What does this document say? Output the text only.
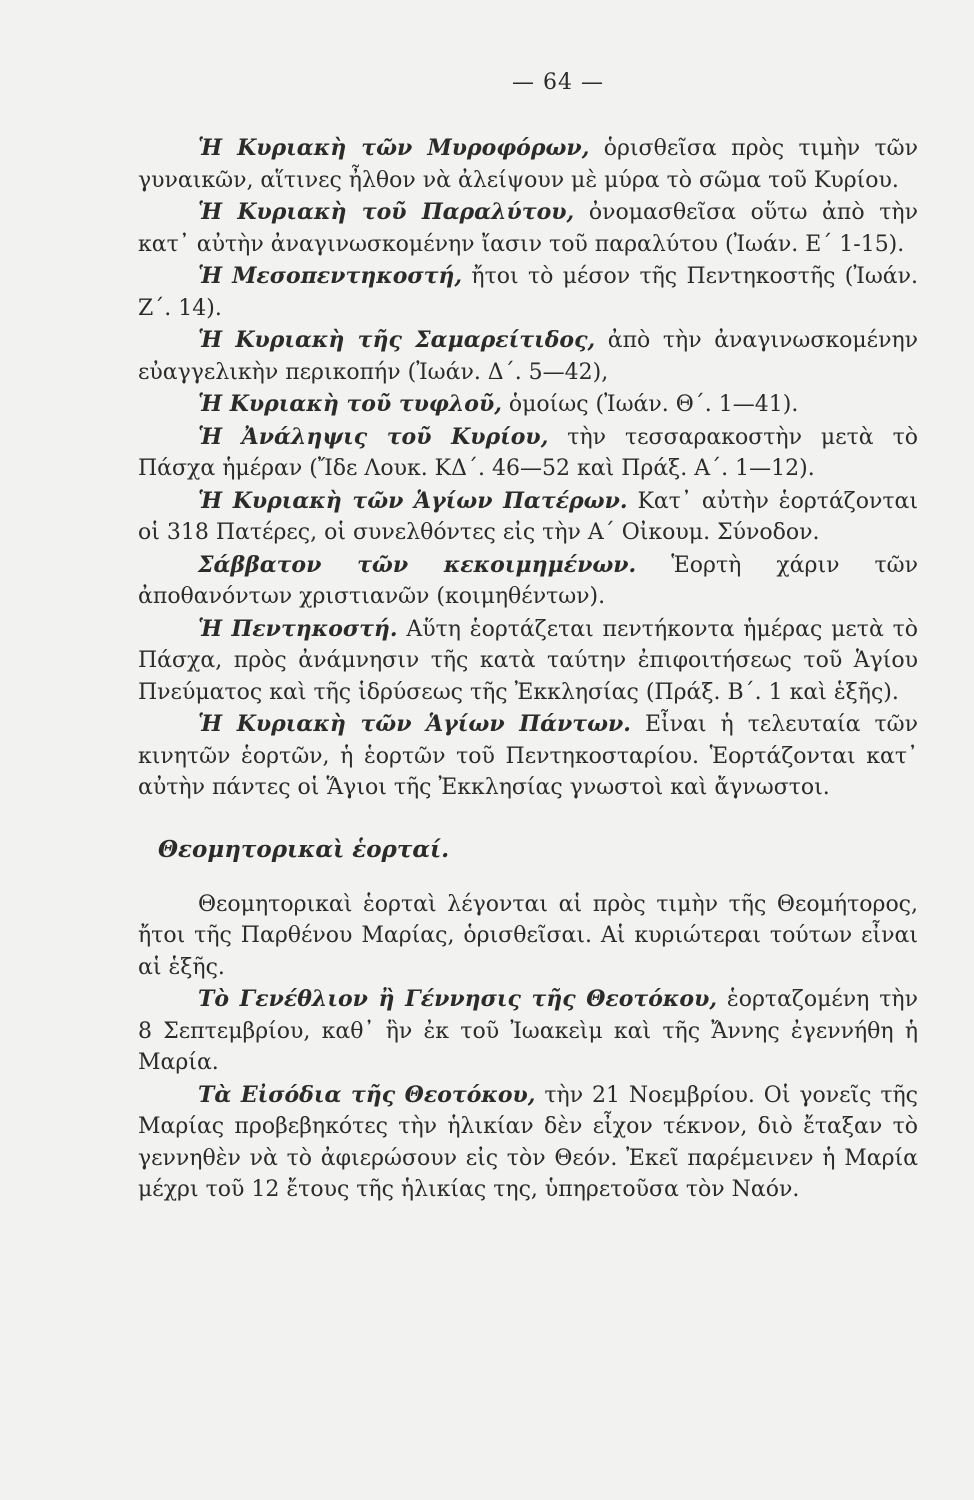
— 64 —

Ἡ Κυριακὴ τῶν Μυροφόρων, ὁρισθεῖσα πρὸς τιμὴν τῶν γυναικῶν, αἵτινες ἦλθον νὰ ἀλείψουν μὲ μύρα τὸ σῶμα τοῦ Κυρίου.

Ἡ Κυριακὴ τοῦ Παραλύτου, ὀνομασθεῖσα οὕτω ἀπὸ τὴν κατ᾽ αὐτὴν ἀναγινωσκομένην ἴασιν τοῦ παραλύτου (Ἰωάν. Ε΄ 1-15).

Ἡ Μεσοπεντηκοστή, ἤτοι τὸ μέσον τῆς Πεντηκοστῆς (Ἰωάν. Ζ΄. 14).

Ἡ Κυριακὴ τῆς Σαμαρείτιδος, ἀπὸ τὴν ἀναγινωσκομένην εὐαγγελικὴν περικοπήν (Ἰωάν. Δ΄. 5—42),

Ἡ Κυριακὴ τοῦ τυφλοῦ, ὁμοίως (Ἰωάν. Θ΄. 1—41).

Ἡ Ἀνάληψις τοῦ Κυρίου, τὴν τεσσαρακοστὴν μετὰ τὸ Πάσχα ἡμέραν (Ἴδε Λουκ. ΚΔ΄. 46—52 καὶ Πράξ. Α΄. 1—12).

Ἡ Κυριακὴ τῶν Ἁγίων Πατέρων. Κατ᾽ αὐτὴν ἑορτάζονται οἱ 318 Πατέρες, οἱ συνελθόντες εἰς τὴν Α΄ Οἰκουμ. Σύνοδον.

Σάββατον τῶν κεκοιμημένων. Ἑορτὴ χάριν τῶν ἀποθανόντων χριστιανῶν (κοιμηθέντων).

Ἡ Πεντηκοστή. Αὕτη ἑορτάζεται πεντήκοντα ἡμέρας μετὰ τὸ Πάσχα, πρὸς ἀνάμνησιν τῆς κατὰ ταύτην ἐπιφοιτήσεως τοῦ Ἁγίου Πνεύματος καὶ τῆς ἱδρύσεως τῆς Ἐκκλησίας (Πράξ. Β΄. 1 καὶ ἑξῆς).

Ἡ Κυριακὴ τῶν Ἁγίων Πάντων. Εἶναι ἡ τελευταία τῶν κινητῶν ἑορτῶν, ἡ ἑορτῶν τοῦ Πεντηκοσταρίου. Ἑορτάζονται κατ᾽ αὐτὴν πάντες οἱ Ἅγιοι τῆς Ἐκκλησίας γνωστοὶ καὶ ἄγνωστοι.

Θεομητορικαὶ ἑορταί.

Θεομητορικαὶ ἑορταὶ λέγονται αἱ πρὸς τιμὴν τῆς Θεομήτορος, ἤτοι τῆς Παρθένου Μαρίας, ὁρισθεῖσαι. Αἱ κυριώτεραι τούτων εἶναι αἱ ἑξῆς.

Τὸ Γενέθλιον ἢ Γέννησις τῆς Θεοτόκου, ἑορταζομένη τὴν 8 Σεπτεμβρίου, καθ᾽ ἣν ἐκ τοῦ Ἰωακεὶμ καὶ τῆς Ἄννης ἐγεννήθη ἡ Μαρία.

Τὰ Εἰσόδια τῆς Θεοτόκου, τὴν 21 Νοεμβρίου. Οἱ γονεῖς τῆς Μαρίας προβεβηκότες τὴν ἡλικίαν δὲν εἶχον τέκνον, διὸ ἔταξαν τὸ γεννηθὲν νὰ τὸ ἀφιερώσουν εἰς τὸν Θεόν. Ἐκεῖ παρέμεινεν ἡ Μαρία μέχρι τοῦ 12 ἔτους τῆς ἡλικίας της, ὑπηρετοῦσα τὸν Ναόν.
